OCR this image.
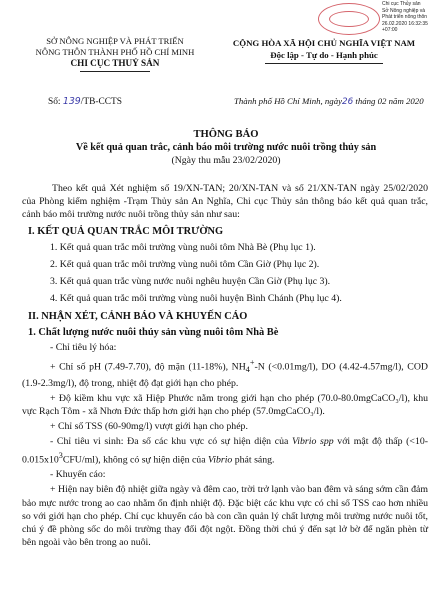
Chi cục Thủy sản
Sở Nông nghiệp và
Phát triển nông thôn
26.02.2020 16:32:35
+07:00
SỞ NÔNG NGHIỆP VÀ PHÁT TRIỂN
NÔNG THÔN THÀNH PHỐ HỒ CHÍ MINH
CHI CỤC THUỶ SẢN
CỘNG HÒA XÃ HỘI CHỦ NGHĨA VIỆT NAM
Độc lập - Tự do - Hạnh phúc
Số: 139/TB-CCTS	Thành phố Hồ Chí Minh, ngày26 tháng 02 năm 2020
THÔNG BÁO
Về kết quả quan trắc, cảnh báo môi trường nước nuôi trồng thủy sản
(Ngày thu mẫu 23/02/2020)

Theo kết quả Xét nghiệm số 19/XN-TAN; 20/XN-TAN và số 21/XN-TAN ngày 25/02/2020 của Phòng kiểm nghiệm -Trạm Thủy sản An Nghĩa, Chi cục Thủy sản thông báo kết quả quan trắc, cảnh báo môi trường nước nuôi trồng thủy sản như sau:

I. KẾT QUẢ QUAN TRẮC MÔI TRƯỜNG

1. Kết quả quan trắc môi trường vùng nuôi tôm Nhà Bè (Phụ lục 1).

2. Kết quả quan trắc môi trường vùng nuôi tôm Cần Giờ (Phụ lục 2).

3. Kết quả quan trắc vùng nước nuôi nghêu huyện Cần Giờ (Phụ lục 3).

4. Kết quả quan trắc môi trường vùng nuôi huyện Bình Chánh (Phụ lục 4).

II. NHẬN XÉT, CẢNH BÁO VÀ KHUYẾN CÁO

1. Chất lượng nước nuôi thủy sản vùng nuôi tôm Nhà Bè

- Chỉ tiêu lý hóa:

+ Chỉ số pH (7.49-7.70), độ mặn (11-18%), $NH_4^+-N$ (<0.01mg/l), DO (4.42-4.57mg/l), COD (1.9-2.3mg/l), độ trong, nhiệt độ đạt giới hạn cho phép.

+ Độ kiềm khu vực xã Hiệp Phước nằm trong giới hạn cho phép (70.0-80.0mgCaCO₃/l), khu vực Rạch Tôm - xã Nhơn Đức thấp hơn giới hạn cho phép (57.0mgCaCO₃/l).

+ Chỉ số TSS (60-90mg/l) vượt giới hạn cho phép.

- Chỉ tiêu vi sinh: Đa số các khu vực có sự hiện diện của Vibrio spp với mật độ thấp $(<10-0.015x10^3CFU/ml)$, không có sự hiện diện của Vibrio phát sáng.

- Khuyến cáo:

+ Hiện nay biên độ nhiệt giữa ngày và đêm cao, trời trở lạnh vào ban đêm và sáng sớm cần đảm bảo mực nước trong ao cao nhằm ổn định nhiệt độ. Đặc biệt các khu vực có chỉ số TSS cao hơn nhiều so với giới hạn cho phép. Chí cục khuyến cáo bà con cần quản lý chất lượng môi trường nước nuôi tốt, chú ý đề phòng sốc do môi trường thay đổi đột ngột. Đồng thời chú ý đến sạt lở bờ để ngăn phèn từ bên ngoài vào bên trong ao nuôi.
